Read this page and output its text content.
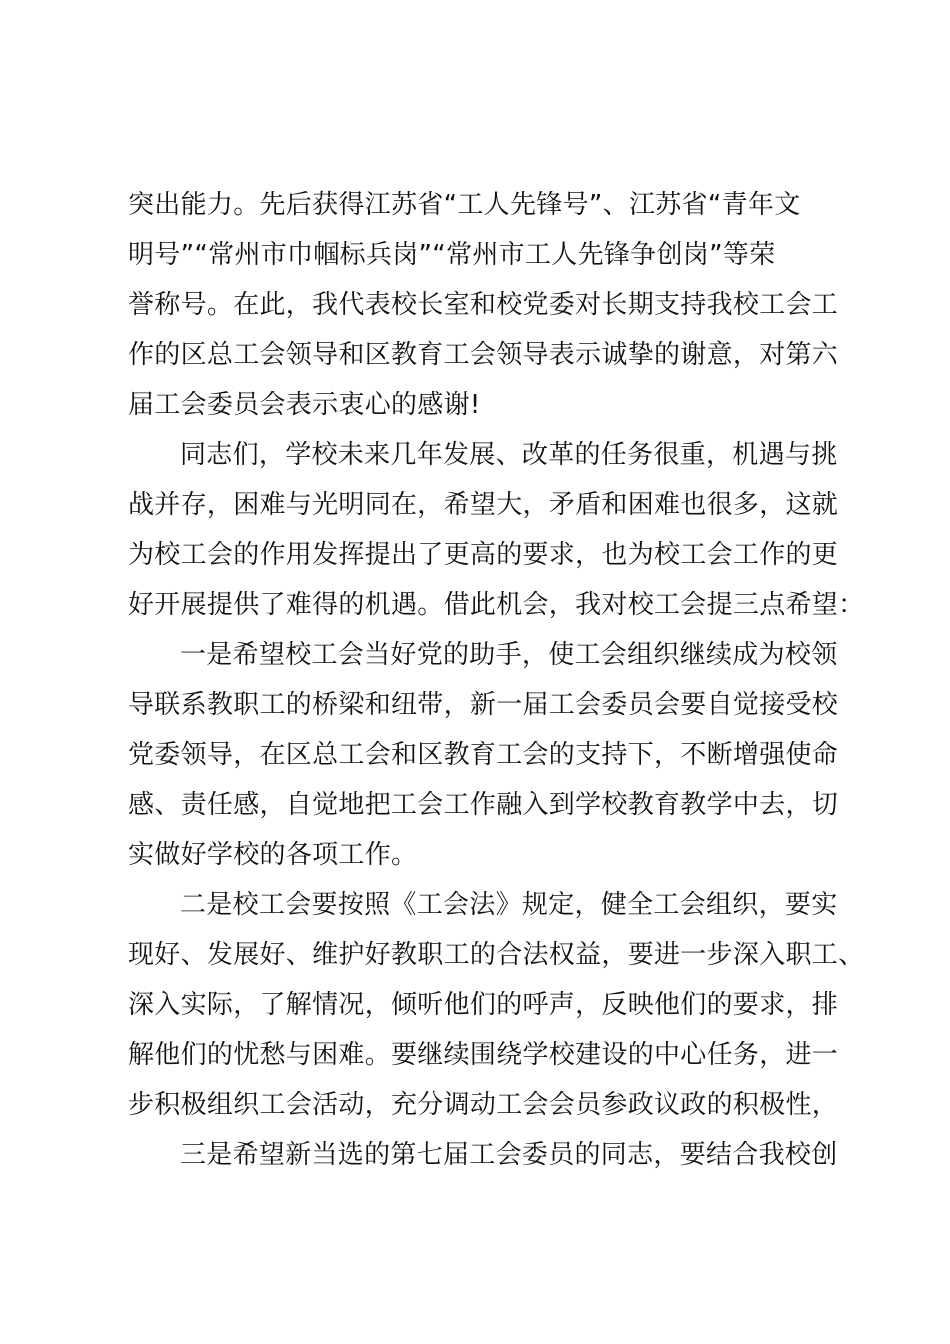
突出能力。先后获得江苏省“工人先锋号”、江苏省“青年文
明号”“常州市巾帼标兵岗”“常州市工人先锋争创岗”等荣
誉称号。在此，我代表校长室和校党委对长期支持我校工会工
作的区总工会领导和区教育工会领导表示诚挚的谢意，对第六
届工会委员会表示衷心的感谢!
同志们，学校未来几年发展、改革的任务很重，机遇与挑
战并存，困难与光明同在，希望大，矛盾和困难也很多，这就
为校工会的作用发挥提出了更高的要求，也为校工会工作的更
好开展提供了难得的机遇。借此机会，我对校工会提三点希望：
一是希望校工会当好党的助手，使工会组织继续成为校领
导联系教职工的桥梁和纽带，新一届工会委员会要自觉接受校
党委领导，在区总工会和区教育工会的支持下，不断增强使命
感、责任感，自觉地把工会工作融入到学校教育教学中去，切
实做好学校的各项工作。
二是校工会要按照《工会法》规定，健全工会组织，要实
现好、发展好、维护好教职工的合法权益，要进一步深入职工、
深入实际，了解情况，倾听他们的呼声，反映他们的要求，排
解他们的忧愁与困难。要继续围绕学校建设的中心任务，进一
步积极组织工会活动，充分调动工会会员参政议政的积极性，
三是希望新当选的第七届工会委员的同志，要结合我校创
